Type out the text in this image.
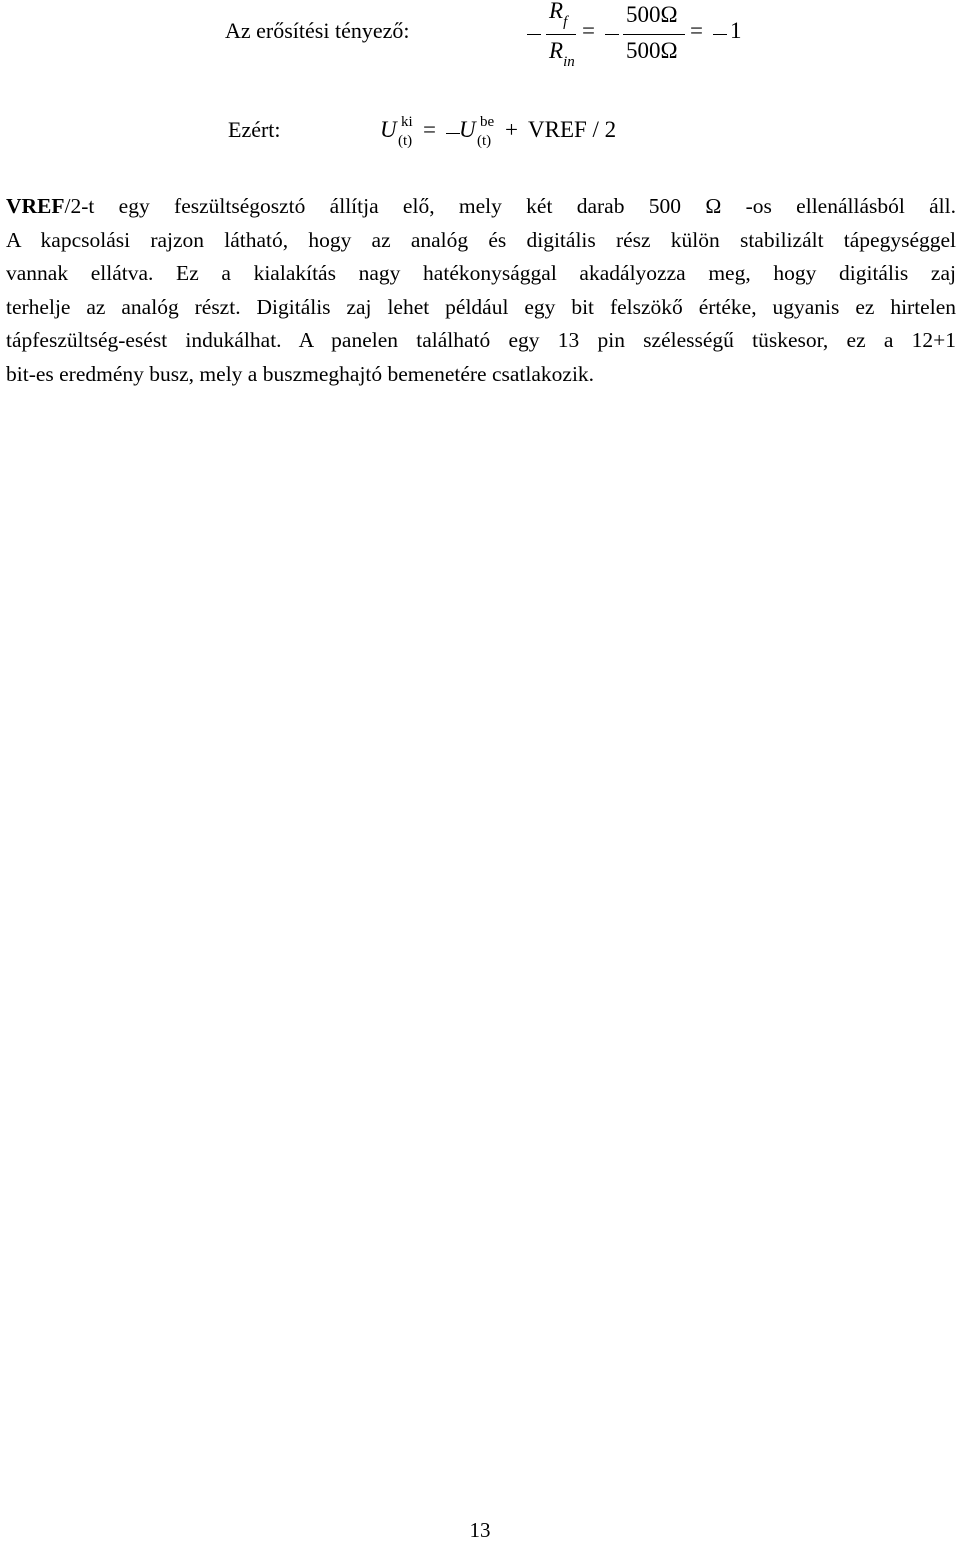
Az erősítési tényező:
$R_f$
$R_{in}$
=
500Ω
500Ω
= 1
Ezért:	U ki
(t) = U be
(t) + VREF / 2
VREF/2-t egy feszültségosztó állítja elő, mely két darab 500 Ω -os ellenállásból áll.
A kapcsolási rajzon látható, hogy az analóg és digitális rész külön stabilizált tápegységgel
vannak ellátva. Ez a kialakítás nagy hatékonysággal akadályozza meg, hogy digitális zaj
terhelje az analóg részt. Digitális zaj lehet például egy bit felszökő értéke, ugyanis ez hirtelen
tápfeszültség-esést indukálhat. A panelen található egy 13 pin szélességű tüskesor, ez a 12+1
bit-es eredmény busz, mely a buszmeghajtó bemenetére csatlakozik.
13
